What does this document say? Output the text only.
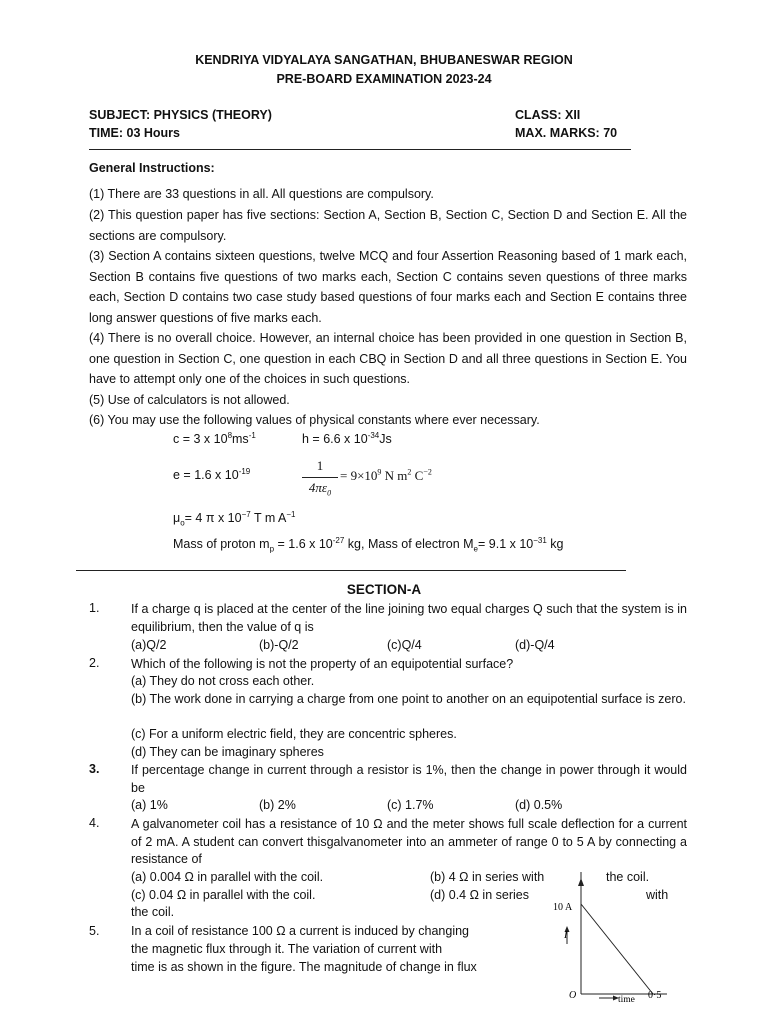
KENDRIYA VIDYALAYA SANGATHAN, BHUBANESWAR REGION
PRE-BOARD EXAMINATION 2023-24
SUBJECT: PHYSICS (THEORY)	CLASS: XII
TIME: 03 Hours	MAX. MARKS: 70
General Instructions:
(1) There are 33 questions in all. All questions are compulsory.
(2) This question paper has five sections: Section A, Section B, Section C, Section D and Section E. All the sections are compulsory.
(3) Section A contains sixteen questions, twelve MCQ and four Assertion Reasoning based of 1 mark each, Section B contains five questions of two marks each, Section C contains seven questions of three marks each, Section D contains two case study based questions of four marks each and Section E contains three long answer questions of five marks each.
(4) There is no overall choice. However, an internal choice has been provided in one question in Section B, one question in Section C, one question in each CBQ in Section D and all three questions in Section E. You have to attempt only one of the choices in such questions.
(5) Use of calculators is not allowed.
(6) You may use the following values of physical constants where ever necessary.
c = 3 x $10^8ms^{-1}$	h = 6.6 x $10^{-34}Js$
e = 1.6 x $10^{-19}$	1
$4\pi\varepsilon_0$
= $9\times 10^9$ N $m^2$ $C^{-2}$
$\mu_o= 4$ π x $10^{-7}$ T m $A^{-1}$
Mass of proton $m_p = 1.6$ x $10^{-27}$ kg, Mass of electron $M_e= 9.1$ x $10^{-31}$ kg
SECTION-A
1.	If a charge q is placed at the center of the line joining two equal charges Q such that the system is in equilibrium, then the value of q is
(a)Q/2	(b)-Q/2	(c)Q/4	(d)-Q/4
2.	Which of the following is not the property of an equipotential surface?
(a) They do not cross each other.
(b) The work done in carrying a charge from one point to another on an equipotential surface is zero.
(c) For a uniform electric field, they are concentric spheres.
(d) They can be imaginary spheres
3.	If percentage change in current through a resistor is 1%, then the change in power through it would be
(a) 1%	(b) 2%	(c) 1.7%	(d) 0.5%
4.	A galvanometer coil has a resistance of 10 Ω and the meter shows full scale deflection for a current of 2 mA. A student can convert thisgalvanometer into an ammeter of range 0 to 5 A by connecting a resistance of
(a) 0.004 Ω in parallel with the coil.	(b) 4 Ω in series with	the coil.
(c) 0.04 Ω in parallel with the coil.	(d) 0.4 Ω in series	with
the coil.
5.	In a coil of resistance 100 Ω a current is induced by changing
the magnetic flux through it. The variation of current with
time is as shown in the figure. The magnitude of change in flux
10 A
I
O	time 0·5
